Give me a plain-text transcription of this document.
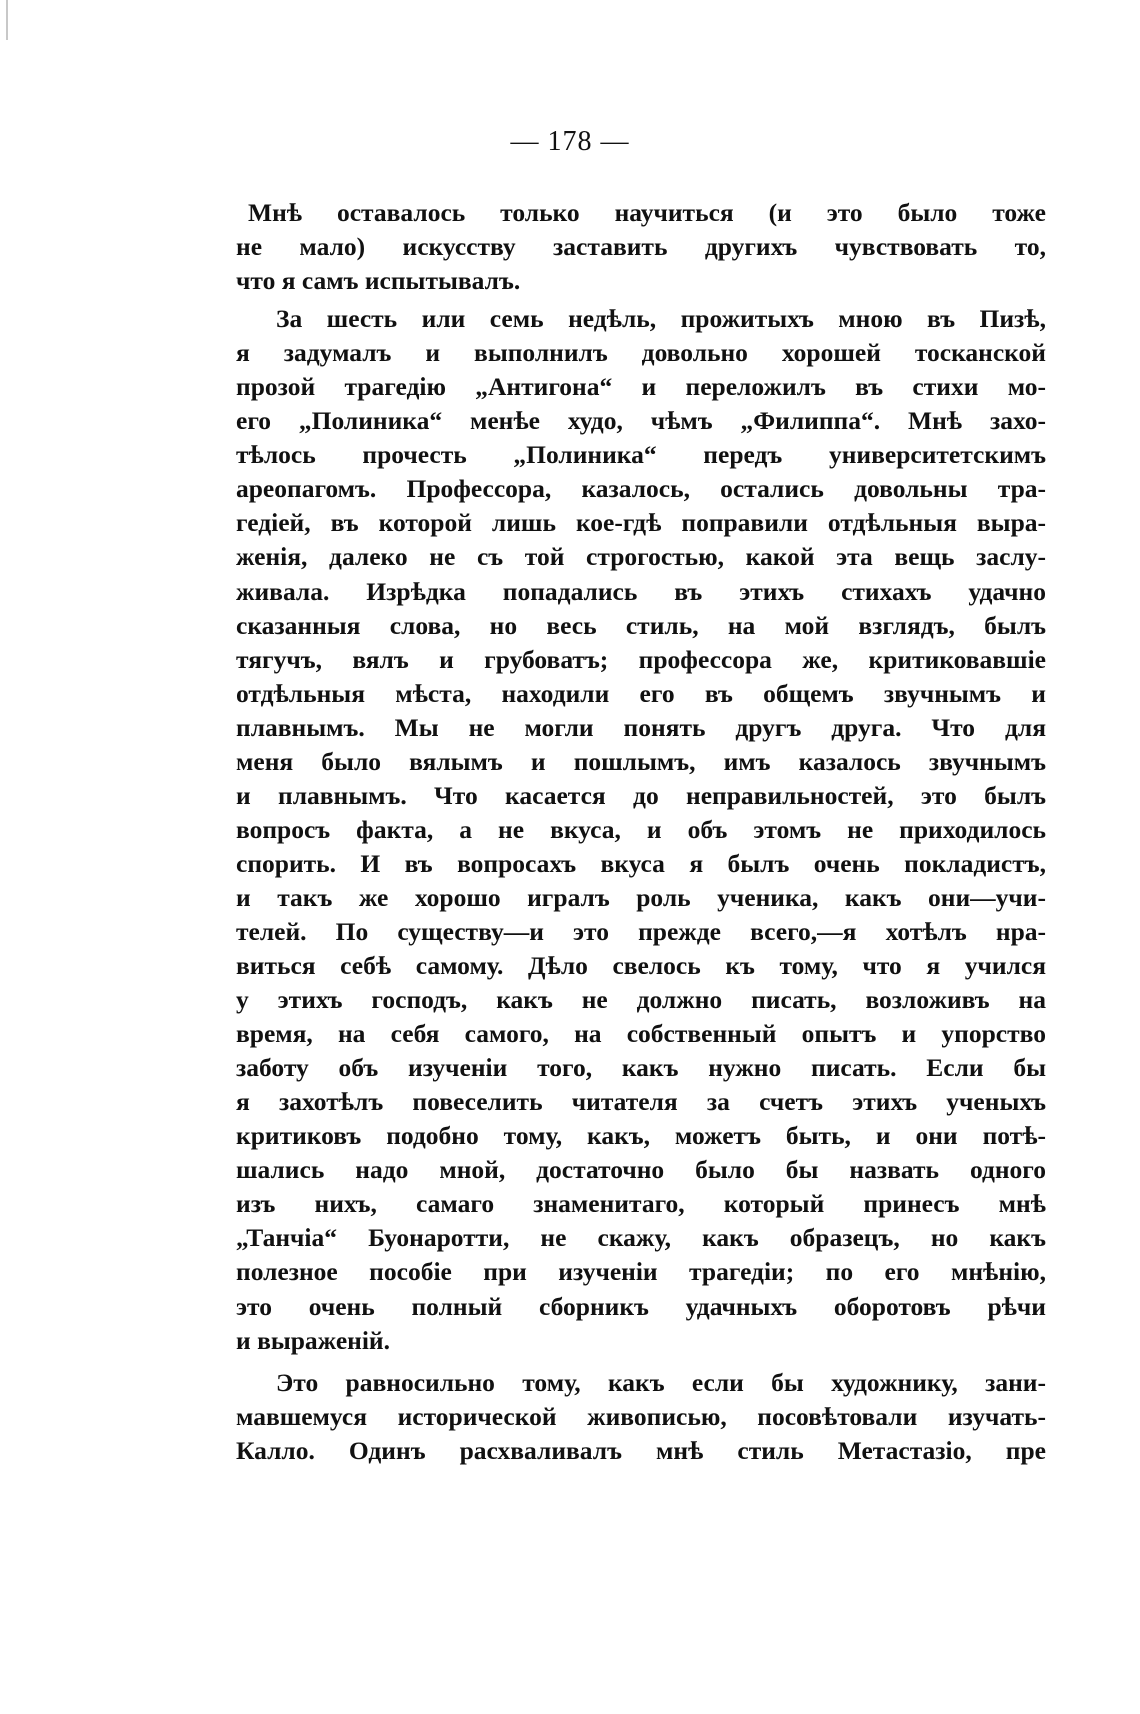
— 178 —
Мнѣ оставалось только научиться (и это было тоже
не мало) искусству заставить другихъ чувствовать то,
что я самъ испытывалъ.
За шесть или семь недѣль, прожитыхъ мною въ Пизѣ,
я задумалъ и выполнилъ довольно хорошей тосканской
прозой трагедію „Антигона“ и переложилъ въ стихи мо-
его „Полиника“ менѣе худо, чѣмъ „Филиппа“. Мнѣ захо-
тѣлось прочесть „Полиника“ передъ университетскимъ
ареопагомъ. Профессора, казалось, остались довольны тра-
гедіей, въ которой лишь кое-гдѣ поправили отдѣльныя выра-
женія, далеко не съ той строгостью, какой эта вещь заслу-
живала. Изрѣдка попадались въ этихъ стихахъ удачно
сказанныя слова, но весь стиль, на мой взглядъ, былъ
тягучъ, вялъ и грубоватъ; профессора же, критиковавшіе
отдѣльныя мѣста, находили его въ общемъ звучнымъ и
плавнымъ. Мы не могли понять другъ друга. Что для
меня было вялымъ и пошлымъ, имъ казалось звучнымъ
и плавнымъ. Что касается до неправильностей, это былъ
вопросъ факта, а не вкуса, и объ этомъ не приходилось
спорить. И въ вопросахъ вкуса я былъ очень покладистъ,
и такъ же хорошо игралъ роль ученика, какъ они—учи-
телей. По существу—и это прежде всего,—я хотѣлъ нра-
виться себѣ самому. Дѣло свелось къ тому, что я учился
у этихъ господъ, какъ не должно писать, возложивъ на
время, на себя самого, на собственный опытъ и упорство
заботу объ изученіи того, какъ нужно писать. Если бы
я захотѣлъ повеселить читателя за счетъ этихъ ученыхъ
критиковъ подобно тому, какъ, можетъ быть, и они потѣ-
шались надо мной, достаточно было бы назвать одного
изъ нихъ, самаго знаменитаго, который принесъ мнѣ
„Танчіа“ Буонаротти, не скажу, какъ образецъ, но какъ
полезное пособіе при изученіи трагедіи; по его мнѣнію,
это очень полный сборникъ удачныхъ оборотовъ рѣчи
и выраженій.
Это равносильно тому, какъ если бы художнику, зани-
мавшемуся исторической живописью, посовѣтовали изучать-
Калло. Одинъ расхваливалъ мнѣ стиль Метастазіо, пре
